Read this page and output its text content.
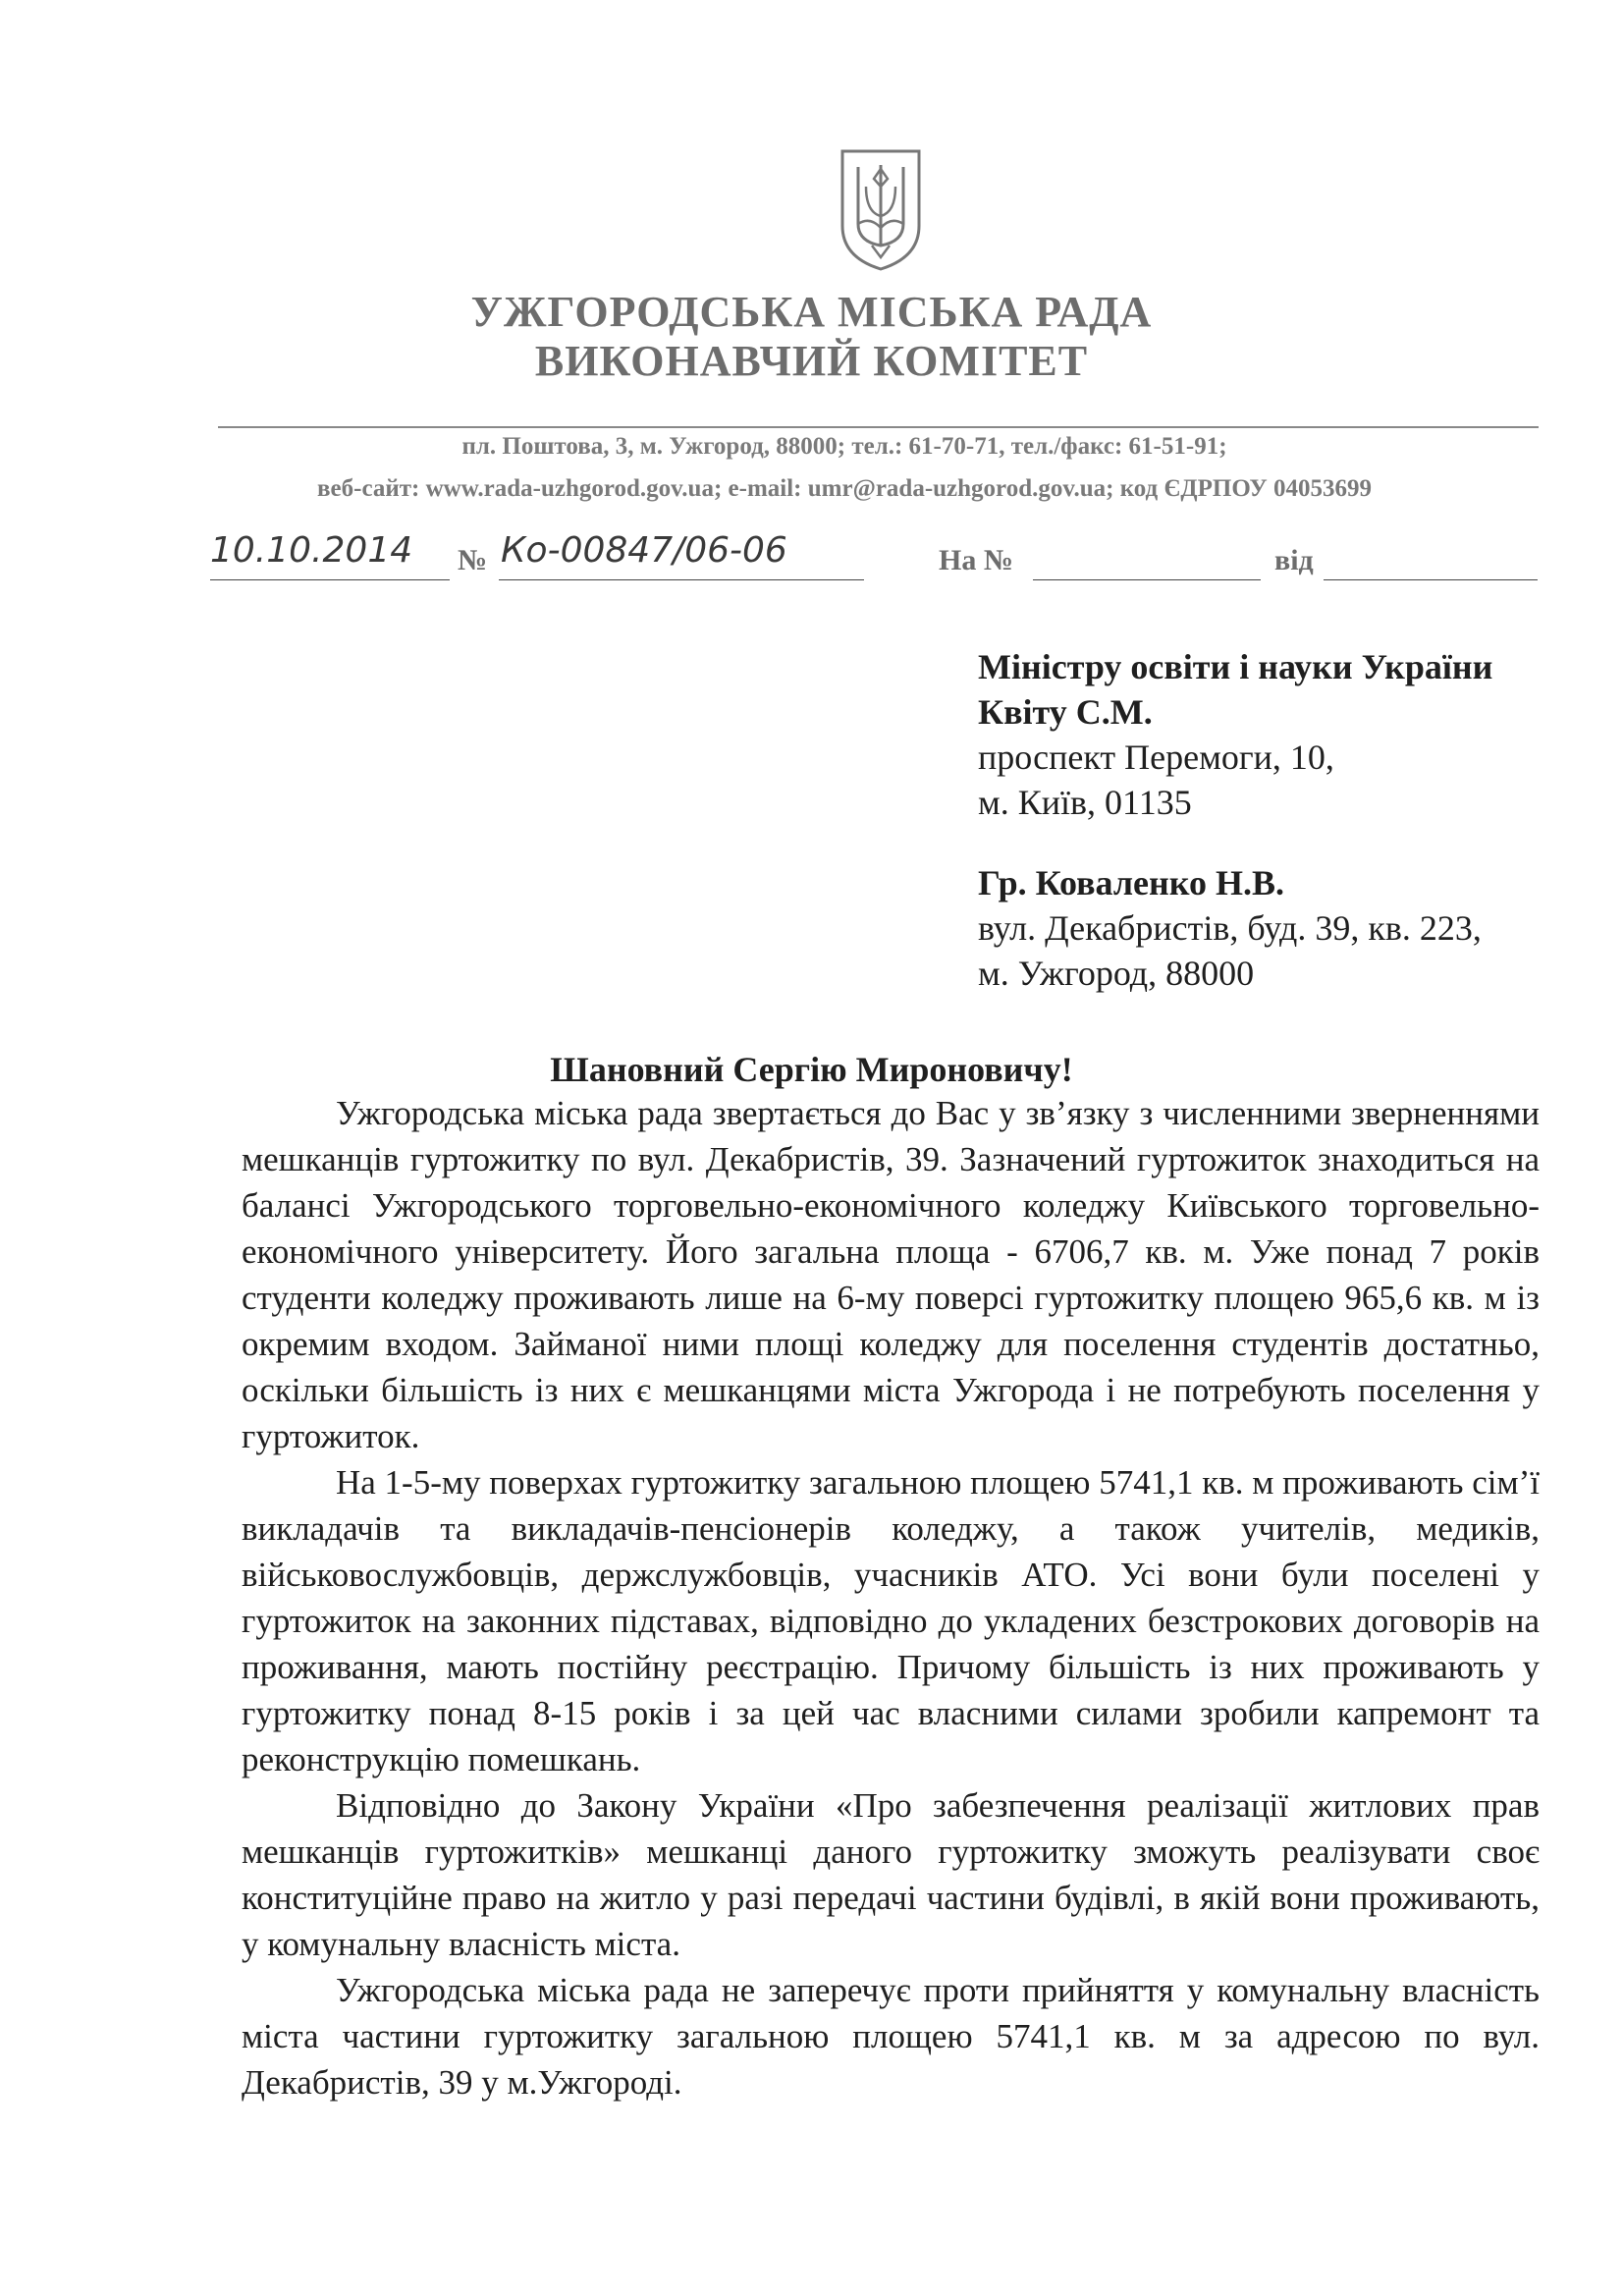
УЖГОРОДСЬКА МІСЬКА РАДА
ВИКОНАВЧИЙ КОМІТЕТ
пл. Поштова, 3, м. Ужгород, 88000; тел.: 61-70-71, тел./факс: 61-51-91;
веб-сайт: www.rada-uzhgorod.gov.ua; e-mail: umr@rada-uzhgorod.gov.ua; код ЄДРПОУ 04053699
10.10.2014	№ Ко-00847/06-06	На №	від
Міністру освіти і науки України
Квіту С.М.
проспект Перемоги, 10,
м. Київ, 01135
Гр. Коваленко Н.В.
вул. Декабристів, буд. 39, кв. 223,
м. Ужгород, 88000
Шановний Сергію Мироновичу!

Ужгородська міська рада звертається до Вас у зв’язку з численними зверненнями мешканців гуртожитку по вул. Декабристів, 39. Зазначений гуртожиток знаходиться на балансі Ужгородського торговельно-економічного коледжу Київського торговельно-економічного університету. Його загальна площа - 6706,7 кв. м. Уже понад 7 років студенти коледжу проживають лише на 6-му поверсі гуртожитку площею 965,6 кв. м із окремим входом. Займаної ними площі коледжу для поселення студентів достатньо, оскільки більшість із них є мешканцями міста Ужгорода і не потребують поселення у гуртожиток.

На 1-5-му поверхах гуртожитку загальною площею 5741,1 кв. м проживають сім’ї викладачів та викладачів-пенсіонерів коледжу, а також учителів, медиків, військовослужбовців, держслужбовців, учасників АТО. Усі вони були поселені у гуртожиток на законних підставах, відповідно до укладених безстрокових договорів на проживання, мають постійну реєстрацію. Причому більшість із них проживають у гуртожитку понад 8-15 років і за цей час власними силами зробили капремонт та реконструкцію помешкань.

Відповідно до Закону України «Про забезпечення реалізації житлових прав мешканців гуртожитків» мешканці даного гуртожитку зможуть реалізувати своє конституційне право на житло у разі передачі частини будівлі, в якій вони проживають, у комунальну власність міста.

Ужгородська міська рада не заперечує проти прийняття у комунальну власність міста частини гуртожитку загальною площею 5741,1 кв. м за адресою по вул. Декабристів, 39 у м.Ужгороді.
